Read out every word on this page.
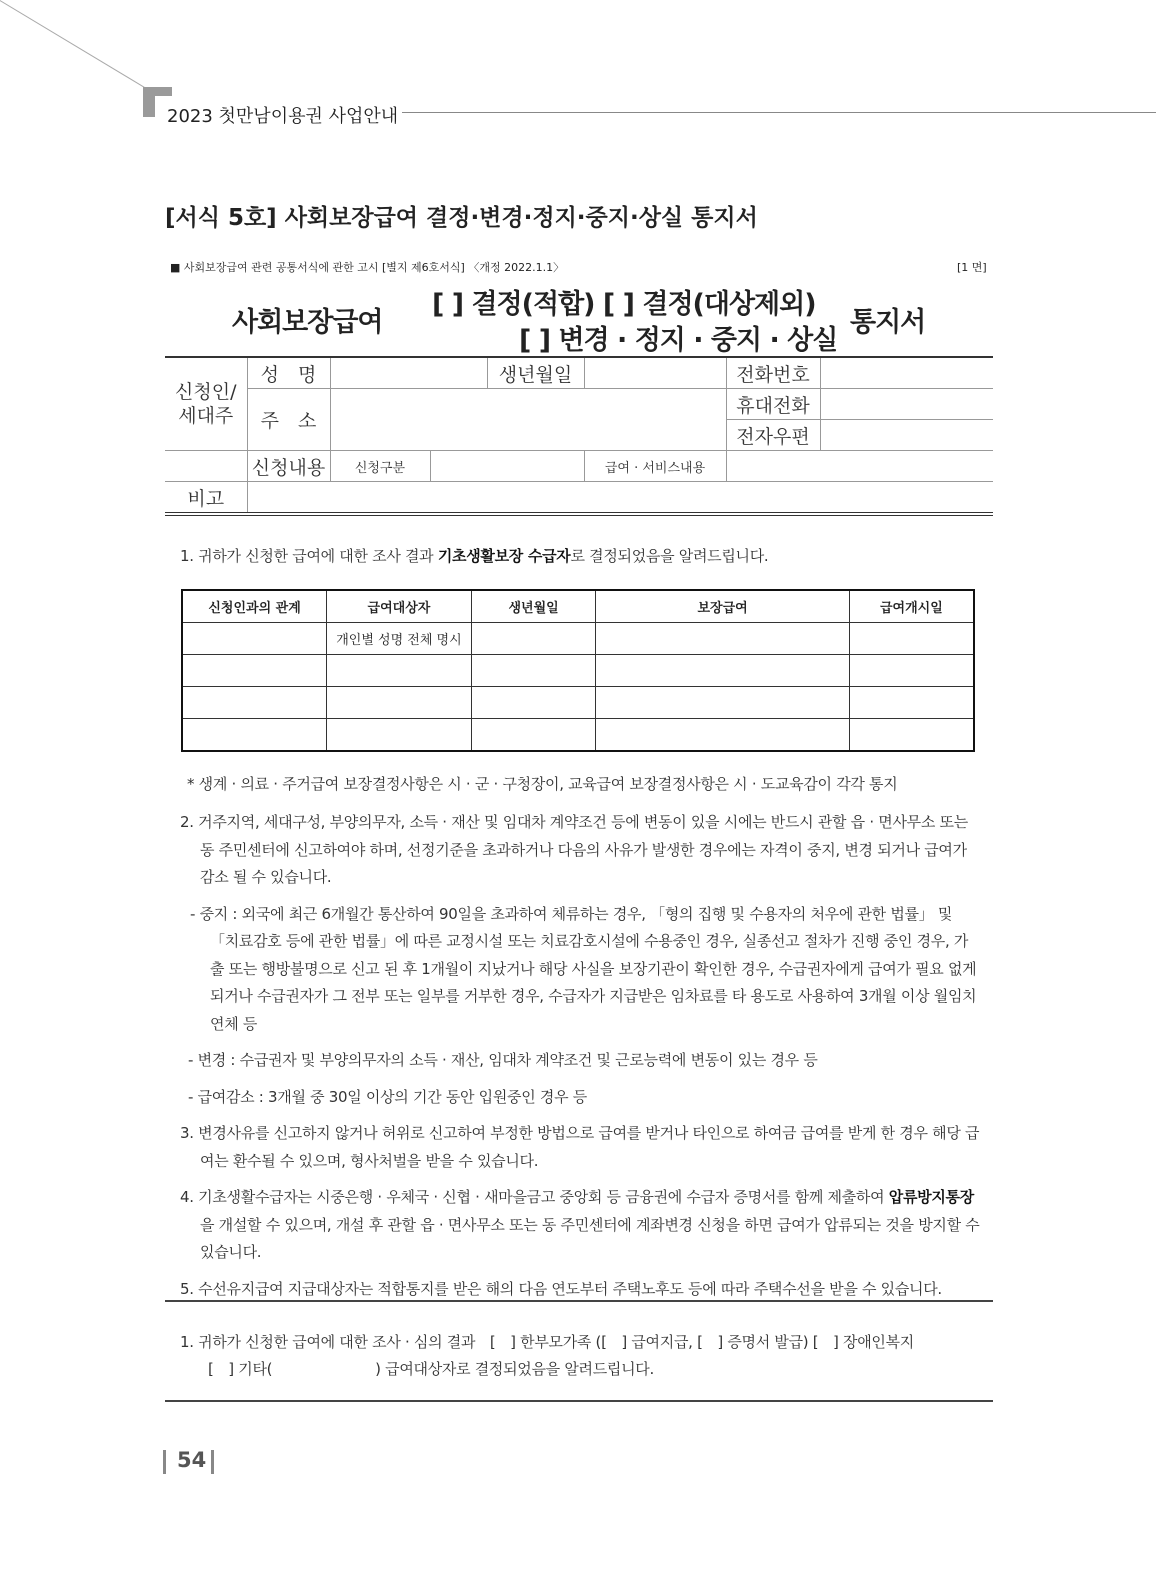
2023 첫만남이용권 사업안내
[서식 5호] 사회보장급여 결정·변경·정지·중지·상실 통지서
■ 사회보장급여 관련 공통서식에 관한 고시 [별지 제6호서식] 〈개정 2022.1.1〉	[1 면]
사회보장급여
[ ] 결정(적합) [ ] 결정(대상제외)
[ ] 변경 · 정지 · 중지 · 상실
통지서
신청인/
세대주	성　명			생년월일		전화번호	
	주　소					휴대전화	
						전자우편	
	신청내용	신청구분			급여 · 서비스내용		
비고							
1. 귀하가 신청한 급여에 대한 조사 결과 기초생활보장 수급자로 결정되었음을 알려드립니다.
신청인과의 관계	급여대상자	생년월일	보장급여	급여개시일
	개인별 성명 전체 명시			

* 생계 · 의료 · 주거급여 보장결정사항은 시 · 군 · 구청장이, 교육급여 보장결정사항은 시 · 도교육감이 각각 통지
2. 거주지역, 세대구성, 부양의무자, 소득 · 재산 및 임대차 계약조건 등에 변동이 있을 시에는 반드시 관할 읍 · 면사무소 또는 동 주민센터에 신고하여야 하며, 선정기준을 초과하거나 다음의 사유가 발생한 경우에는 자격이 중지, 변경 되거나 급여가 감소 될 수 있습니다.
- 중지 : 외국에 최근 6개월간 통산하여 90일을 초과하여 체류하는 경우, 「형의 집행 및 수용자의 처우에 관한 법률」 및 「치료감호 등에 관한 법률」에 따른 교정시설 또는 치료감호시설에 수용중인 경우, 실종선고 절차가 진행 중인 경우, 가출 또는 행방불명으로 신고 된 후 1개월이 지났거나 해당 사실을 보장기관이 확인한 경우, 수급권자에게 급여가 필요 없게 되거나 수급권자가 그 전부 또는 일부를 거부한 경우, 수급자가 지급받은 임차료를 타 용도로 사용하여 3개월 이상 월임치 연체 등
- 변경 : 수급권자 및 부양의무자의 소득 · 재산, 임대차 계약조건 및 근로능력에 변동이 있는 경우 등
- 급여감소 : 3개월 중 30일 이상의 기간 동안 입원중인 경우 등
3. 변경사유를 신고하지 않거나 허위로 신고하여 부정한 방법으로 급여를 받거나 타인으로 하여금 급여를 받게 한 경우 해당 급여는 환수될 수 있으며, 형사처벌을 받을 수 있습니다.
4. 기초생활수급자는 시중은행 · 우체국 · 신협 · 새마을금고 중앙회 등 금융권에 수급자 증명서를 함께 제출하여 압류방지통장을 개설할 수 있으며, 개설 후 관할 읍 · 면사무소 또는 동 주민센터에 계좌변경 신청을 하면 급여가 압류되는 것을 방지할 수 있습니다.
5. 수선유지급여 지급대상자는 적합통지를 받은 해의 다음 연도부터 주택노후도 등에 따라 주택수선을 받을 수 있습니다.
1. 귀하가 신청한 급여에 대한 조사 · 심의 결과　[　] 한부모가족 ([　] 급여지급, [　] 증명서 발급) [　] 장애인복지
[　] 기타(　　　　　　　) 급여대상자로 결정되었음을 알려드립니다.
54
